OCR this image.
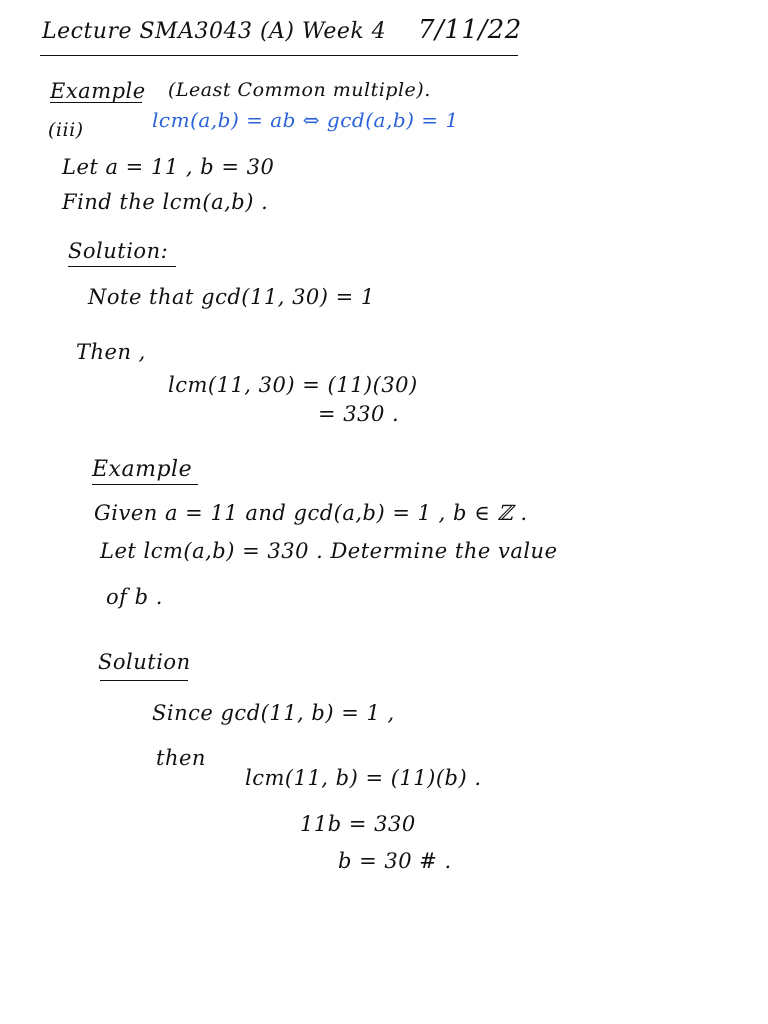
Lecture SMA3043 (A) Week 4 7/11/22
Example (Least Common multiple).
(iii)	lcm(a,b) = ab ⇔ gcd(a,b) = 1
Let a = 11 , b = 30
Find the lcm(a,b) .
Solution:
Note that gcd(11, 30) = 1
Then ,
lcm(11, 30) = (11)(30)
= 330 .
Example
Given a = 11 and gcd(a,b) = 1 , b ∈ ℤ .
Let lcm(a,b) = 330 . Determine the value
of b .
Solution
Since gcd(11, b) = 1 ,
then
lcm(11, b) = (11)(b) .
11b = 330
b = 30 # .
